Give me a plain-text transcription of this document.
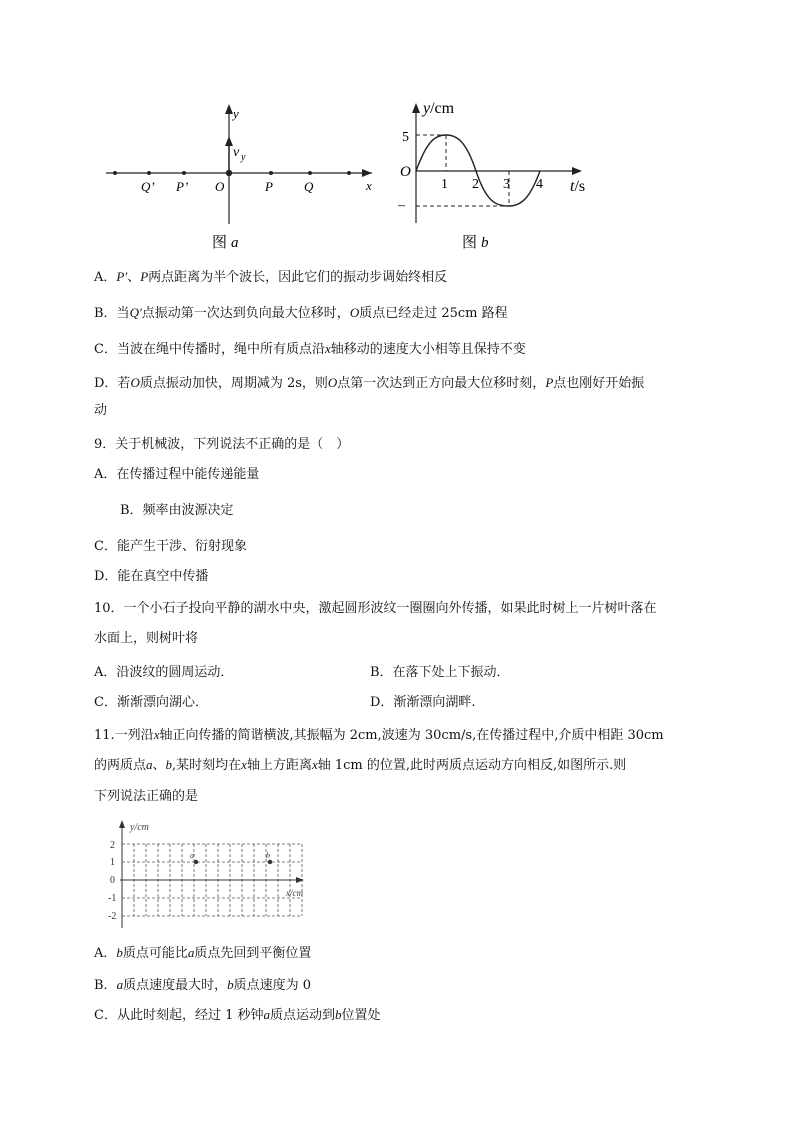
y
v y
x
Q’ P’ O	P Q
图 a
y/cm
O
5
–
1 2 3 4 t/s
图 b
A．P′、P两点距离为半个波长，因此它们的振动步调始终相反
B．当Q′点振动第一次达到负向最大位移时，O质点已经走过 25cm 路程
C．当波在绳中传播时，绳中所有质点沿x轴移动的速度大小相等且保持不变
D．若O质点振动加快，周期减为 2s，则O点第一次达到正方向最大位移时刻，P点也刚好开始振
动
9．关于机械波，下列说法不正确的是（　）
A．在传播过程中能传递能量
B．频率由波源决定
C．能产生干涉、衍射现象
D．能在真空中传播
10．一个小石子投向平静的湖水中央，激起圆形波纹一圈圈向外传播，如果此时树上一片树叶落在
水面上，则树叶将
A．沿波纹的圆周运动．	B．在落下处上下振动．
C．渐渐漂向湖心．	D．渐渐漂向湖畔.
11.一列沿x轴正向传播的简谐横波,其振幅为 2cm,波速为 30cm/s,在传播过程中,介质中相距 30cm
的两质点a、b,某时刻均在x轴上方距离x轴 1cm 的位置,此时两质点运动方向相反,如图所示.则
下列说法正确的是
y/cm
x/cm
2
1
0
-1
-2
a	b
A．b质点可能比a质点先回到平衡位置
B．a质点速度最大时，b质点速度为 0
C．从此时刻起，经过 1 秒钟a质点运动到b位置处
